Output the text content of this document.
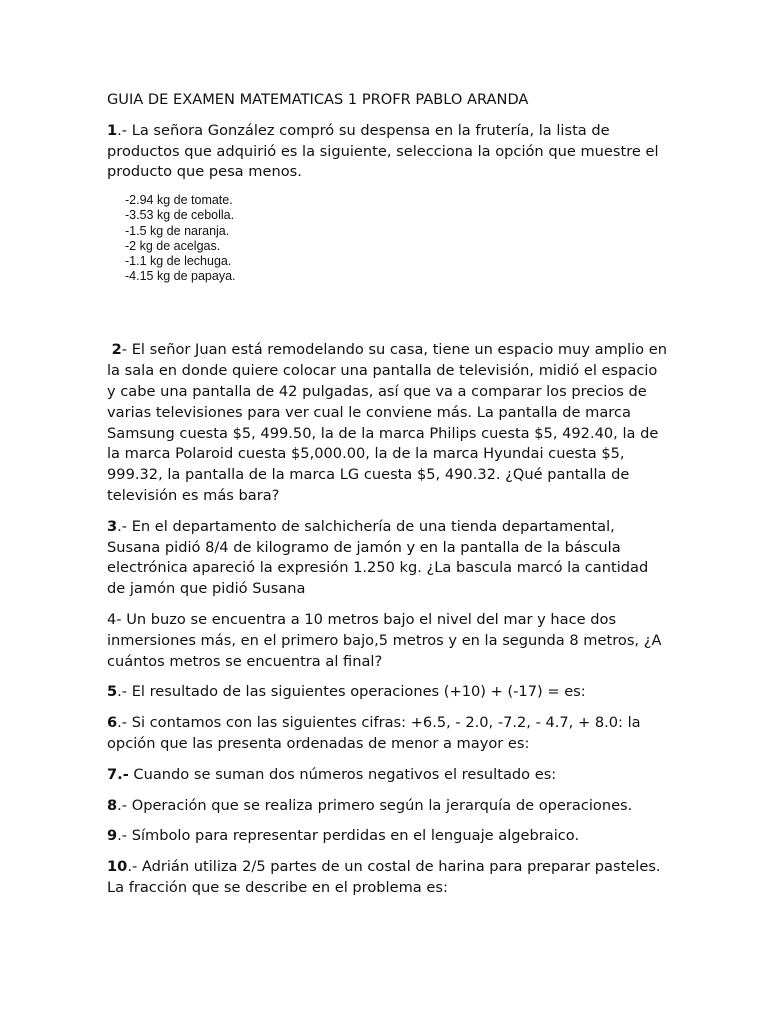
GUIA DE EXAMEN MATEMATICAS 1 PROFR PABLO ARANDA

1.- La señora González compró su despensa en la frutería, la lista de productos que adquirió es la siguiente, selecciona la opción que muestre el producto que pesa menos.
-2.94 kg de tomate.
-3.53 kg de cebolla.
-1.5 kg de naranja.
-2 kg de acelgas.
-1.1 kg de lechuga.
-4.15 kg de papaya.
2- El señor Juan está remodelando su casa, tiene un espacio muy amplio en la sala en donde quiere colocar una pantalla de televisión, midió el espacio y cabe una pantalla de 42 pulgadas, así que va a comparar los precios de varias televisiones para ver cual le conviene más. La pantalla de marca Samsung cuesta $5, 499.50, la de la marca Philips cuesta $5, 492.40, la de la marca Polaroid cuesta $5,000.00, la de la marca Hyundai cuesta $5, 999.32, la pantalla de la marca LG cuesta $5, 490.32. ¿Qué pantalla de televisión es más bara?
3.- En el departamento de salchichería de una tienda departamental, Susana pidió 8/4 de kilogramo de jamón y en la pantalla de la báscula electrónica apareció la expresión 1.250 kg. ¿La bascula marcó la cantidad de jamón que pidió Susana
4- Un buzo se encuentra a 10 metros bajo el nivel del mar y hace dos inmersiones más, en el primero bajo,5 metros y en la segunda 8 metros, ¿A cuántos metros se encuentra al final?
5.- El resultado de las siguientes operaciones (+10) + (-17) = es:
6.- Si contamos con las siguientes cifras: +6.5, - 2.0, -7.2, - 4.7, + 8.0: la opción que las presenta ordenadas de menor a mayor es:
7.- Cuando se suman dos números negativos el resultado es:
8.- Operación que se realiza primero según la jerarquía de operaciones.
9.- Símbolo para representar perdidas en el lenguaje algebraico.
10.- Adrián utiliza 2/5 partes de un costal de harina para preparar pasteles. La fracción que se describe en el problema es:
